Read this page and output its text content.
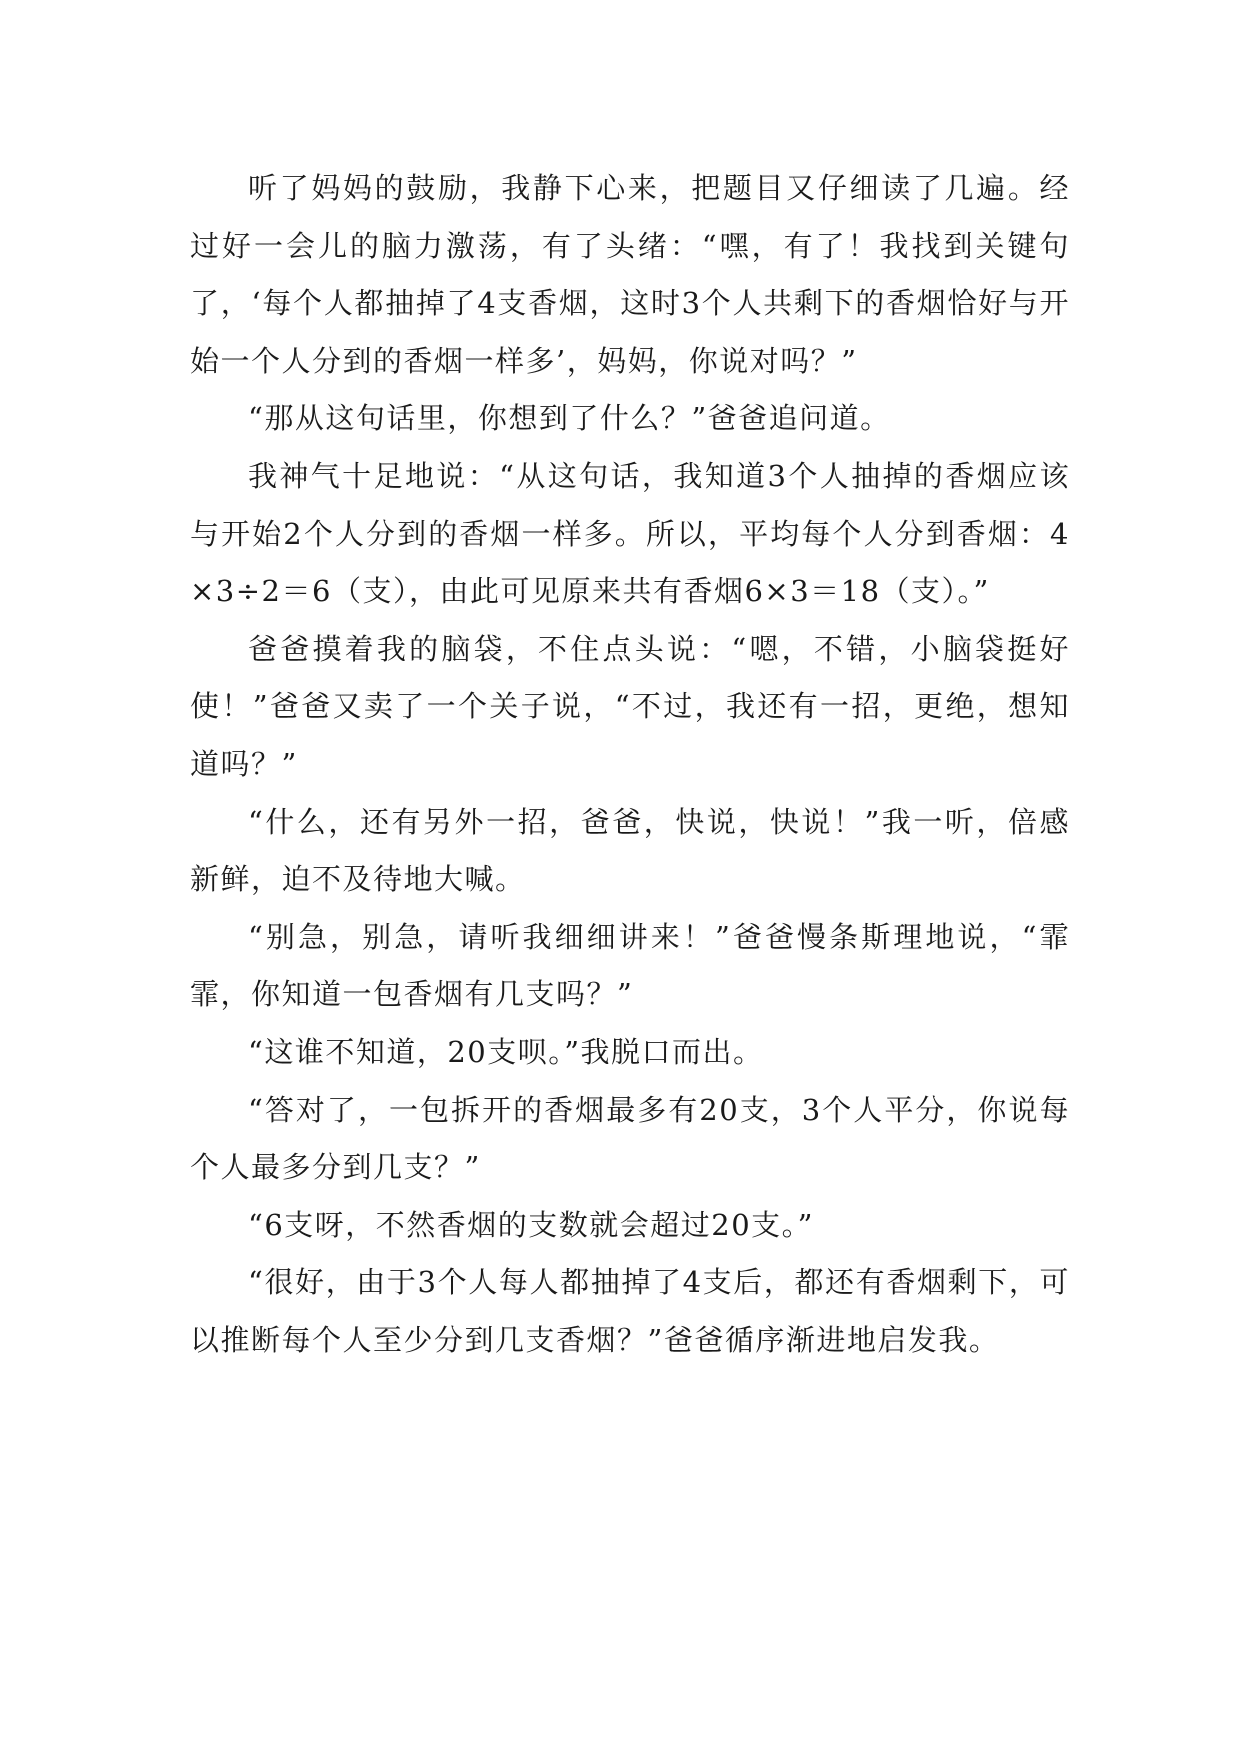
听了妈妈的鼓励，我静下心来，把题目又仔细读了几遍。经过好一会儿的脑力激荡，有了头绪：“嘿，有了！我找到关键句了，‘每个人都抽掉了4支香烟，这时3个人共剩下的香烟恰好与开始一个人分到的香烟一样多’，妈妈，你说对吗？”

“那从这句话里，你想到了什么？”爸爸追问道。

我神气十足地说：“从这句话，我知道3个人抽掉的香烟应该与开始2个人分到的香烟一样多。所以，平均每个人分到香烟：4×3÷2＝6（支），由此可见原来共有香烟6×3＝18（支）。”

爸爸摸着我的脑袋，不住点头说：“嗯，不错，小脑袋挺好使！”爸爸又卖了一个关子说，“不过，我还有一招，更绝，想知道吗？”

“什么，还有另外一招，爸爸，快说，快说！”我一听，倍感新鲜，迫不及待地大喊。

“别急，别急，请听我细细讲来！”爸爸慢条斯理地说，“霏霏，你知道一包香烟有几支吗？”

“这谁不知道，20支呗。”我脱口而出。

“答对了，一包拆开的香烟最多有20支，3个人平分，你说每个人最多分到几支？”

“6支呀，不然香烟的支数就会超过20支。”

“很好，由于3个人每人都抽掉了4支后，都还有香烟剩下，可以推断每个人至少分到几支香烟？”爸爸循序渐进地启发我。
